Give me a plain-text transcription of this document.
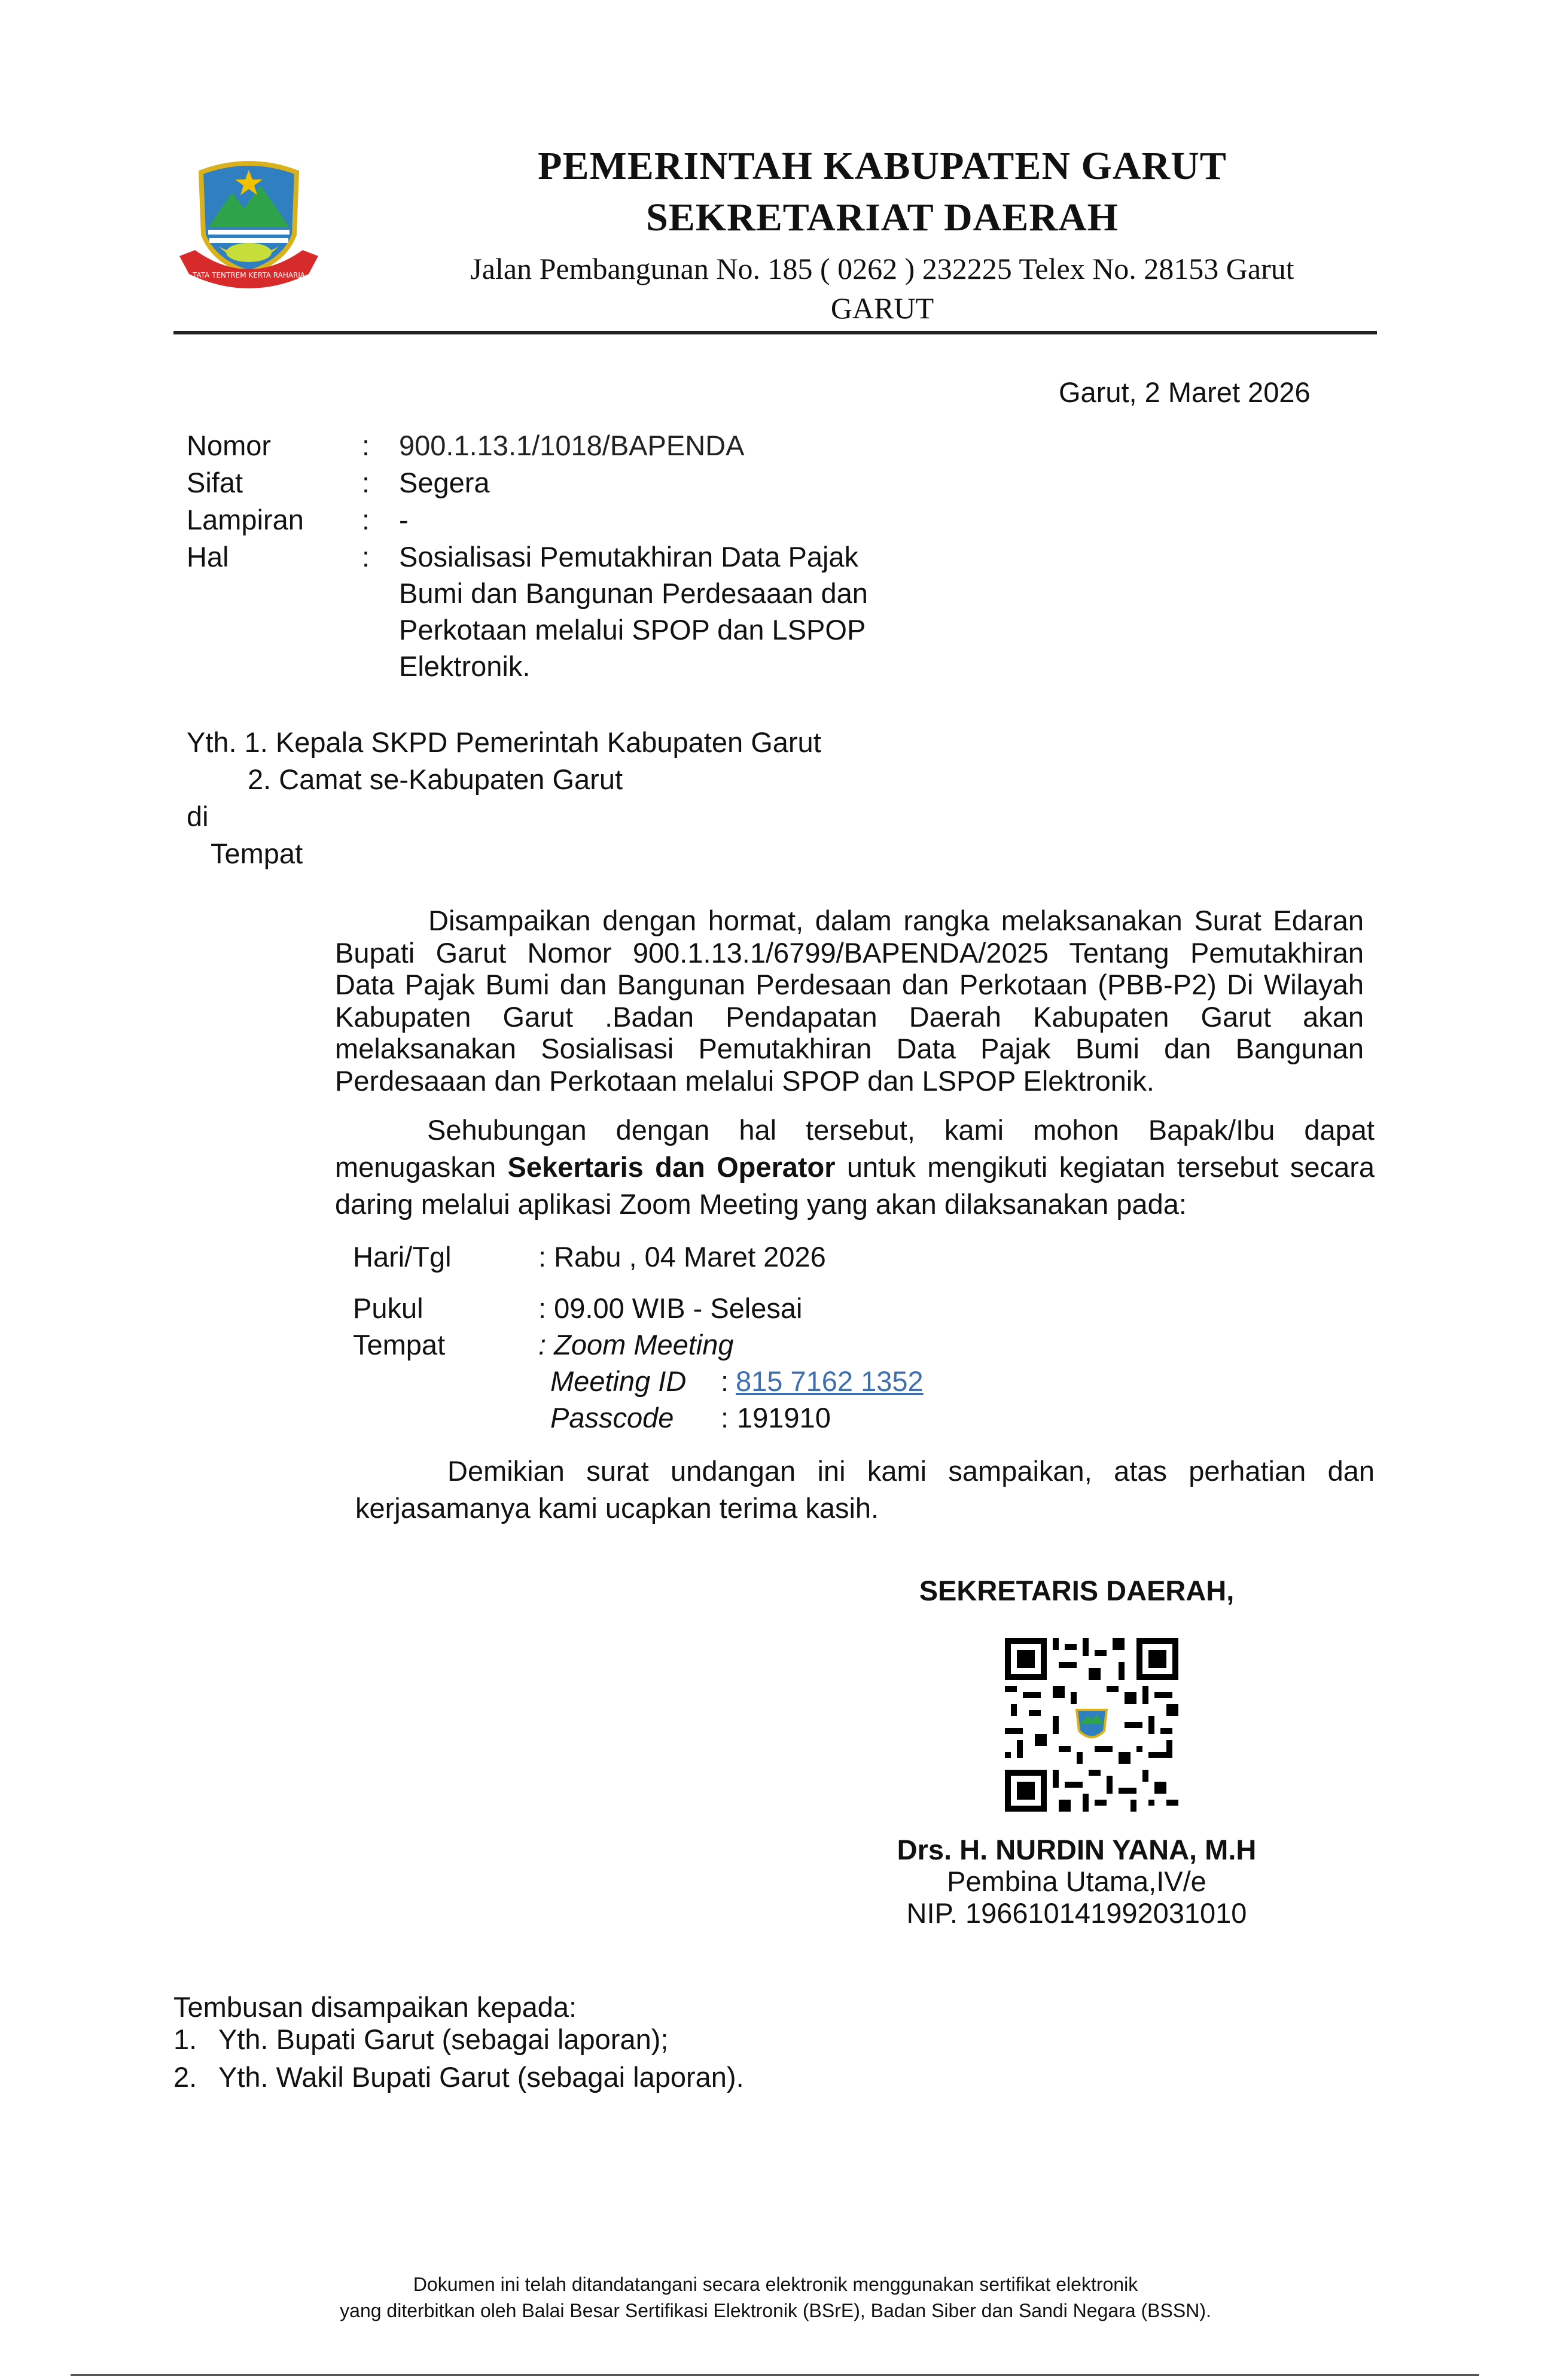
TATA TENTREM KERTA RAHARJA
PEMERINTAH KABUPATEN GARUT
SEKRETARIAT DAERAH
Jalan Pembangunan No. 185 ( 0262 ) 232225 Telex No. 28153 Garut
GARUT
Garut, 2 Maret 2026
Nomor	: 900.1.13.1/1018/BAPENDA
Sifat	: Segera
Lampiran : -
Hal	: Sosialisasi Pemutakhiran Data Pajak
Bumi dan Bangunan Perdesaaan dan
Perkotaan melalui SPOP dan LSPOP
Elektronik.
Yth. 1. Kepala SKPD Pemerintah Kabupaten Garut
2. Camat se-Kabupaten Garut
di
Tempat
Disampaikan dengan hormat, dalam rangka melaksanakan Surat Edaran Bupati Garut Nomor 900.1.13.1/6799/BAPENDA/2025 Tentang Pemutakhiran Data Pajak Bumi dan Bangunan Perdesaan dan Perkotaan (PBB-P2) Di Wilayah Kabupaten Garut .Badan Pendapatan Daerah Kabupaten Garut akan melaksanakan Sosialisasi Pemutakhiran Data Pajak Bumi dan Bangunan Perdesaaan dan Perkotaan melalui SPOP dan LSPOP Elektronik.
Sehubungan dengan hal tersebut, kami mohon Bapak/Ibu dapat menugaskan Sekertaris dan Operator untuk mengikuti kegiatan tersebut secara daring melalui aplikasi Zoom Meeting yang akan dilaksanakan pada:
Hari/Tgl	: Rabu , 04 Maret 2026
Pukul	: 09.00 WIB - Selesai
Tempat	: Zoom Meeting
Meeting ID : 815 7162 1352
Passcode : 191910
Demikian surat undangan ini kami sampaikan, atas perhatian dan kerjasamanya kami ucapkan terima kasih.
SEKRETARIS DAERAH,
Drs. H. NURDIN YANA, M.H
Pembina Utama,IV/e
NIP. 196610141992031010
Tembusan disampaikan kepada:
1. Yth. Bupati Garut (sebagai laporan);
2. Yth. Wakil Bupati Garut (sebagai laporan).
Dokumen ini telah ditandatangani secara elektronik menggunakan sertifikat elektronik
yang diterbitkan oleh Balai Besar Sertifikasi Elektronik (BSrE), Badan Siber dan Sandi Negara (BSSN).
